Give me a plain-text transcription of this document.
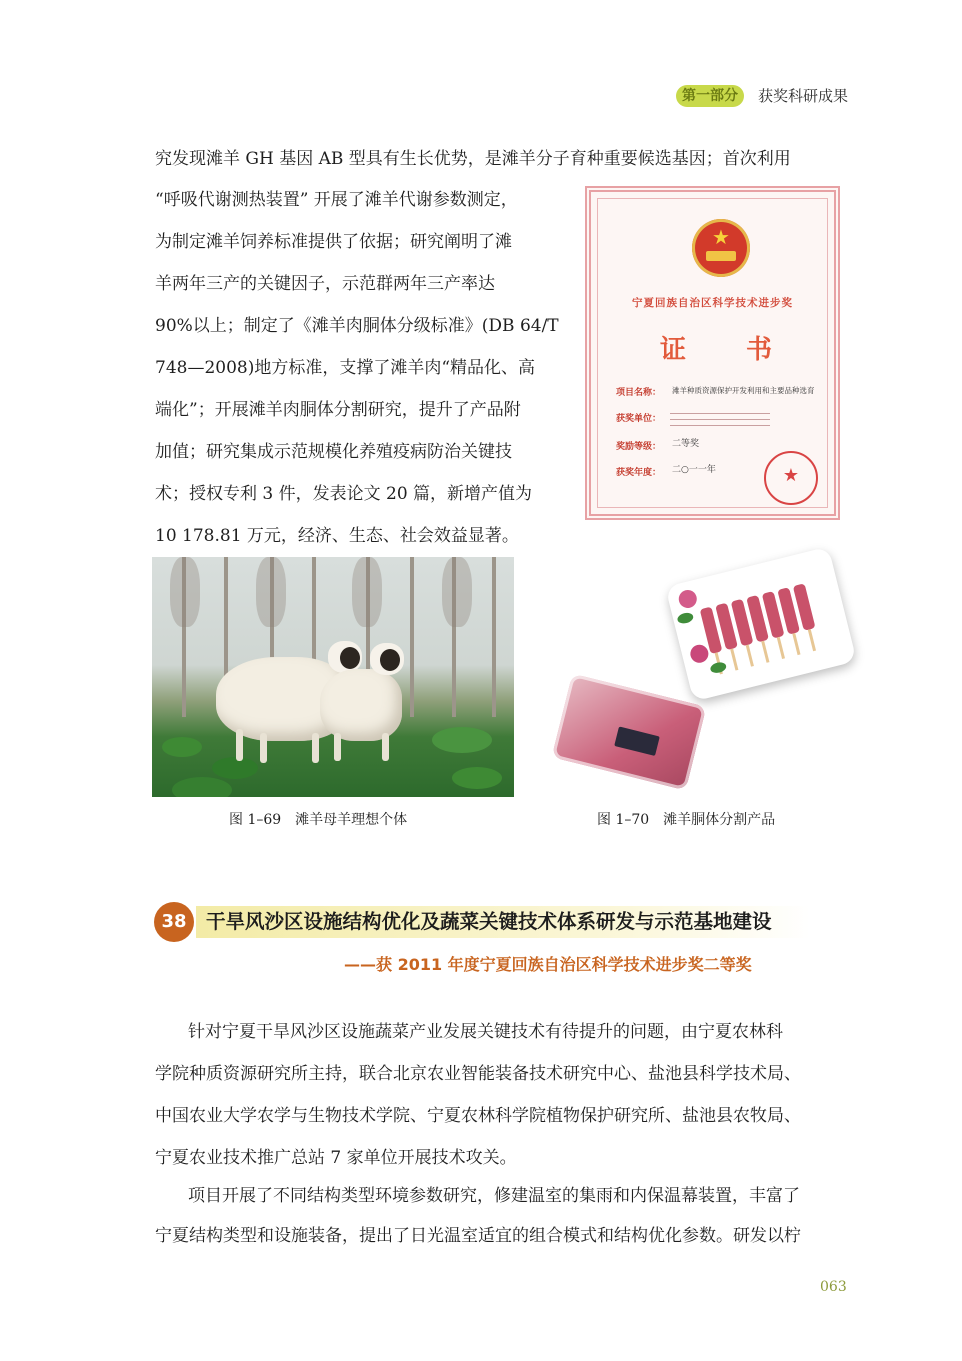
第一部分	获奖科研成果
究发现滩羊 GH 基因 AB 型具有生长优势，是滩羊分子育种重要候选基因；首次利用
“呼吸代谢测热装置” 开展了滩羊代谢参数测定，
为制定滩羊饲养标准提供了依据；研究阐明了滩
羊两年三产的关键因子，示范群两年三产率达
90%以上；制定了《滩羊肉胴体分级标准》(DB 64/T
748—2008)地方标准，支撑了滩羊肉“精品化、高
端化”；开展滩羊肉胴体分割研究，提升了产品附
加值；研究集成示范规模化养殖疫病防治关键技
术；授权专利 3 件，发表论文 20 篇，新增产值为
10 178.81 万元，经济、生态、社会效益显著。
★
宁夏回族自治区科学技术进步奖
证 书
项目名称： 滩羊种质资源保护开发利用和主要品种选育
获奖单位：
奖励等级： 二等奖
获奖年度： 二○一一年
★
图 1–69　滩羊母羊理想个体	图 1–70　滩羊胴体分割产品
38 干旱风沙区设施结构优化及蔬菜关键技术体系研发与示范基地建设
——获 2011 年度宁夏回族自治区科学技术进步奖二等奖
针对宁夏干旱风沙区设施蔬菜产业发展关键技术有待提升的问题，由宁夏农林科
学院种质资源研究所主持，联合北京农业智能装备技术研究中心、盐池县科学技术局、
中国农业大学农学与生物技术学院、宁夏农林科学院植物保护研究所、盐池县农牧局、
宁夏农业技术推广总站 7 家单位开展技术攻关。
项目开展了不同结构类型环境参数研究，修建温室的集雨和内保温幕装置，丰富了
宁夏结构类型和设施装备，提出了日光温室适宜的组合模式和结构优化参数。研发以柠
063
